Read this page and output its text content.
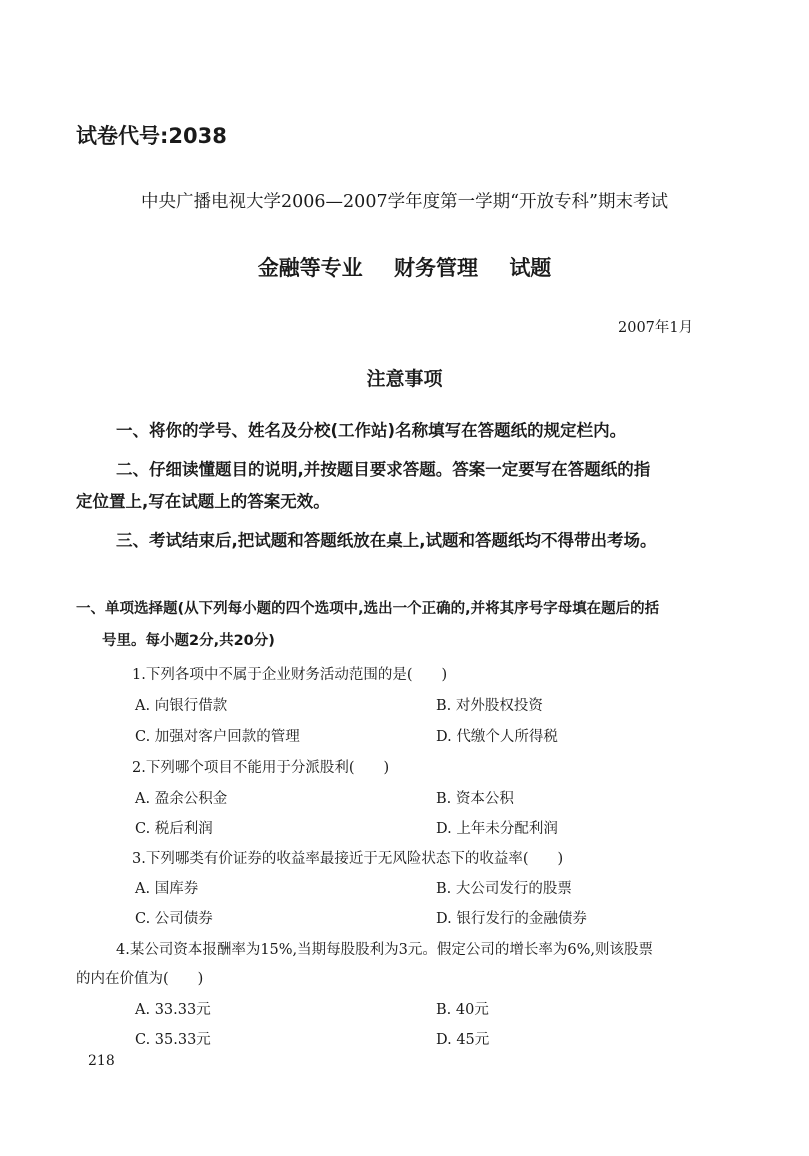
试卷代号:2038
中央广播电视大学2006—2007学年度第一学期“开放专科”期末考试
金融等专业 财务管理 试题
2007年1月
注意事项
一、将你的学号、姓名及分校(工作站)名称填写在答题纸的规定栏内。
二、仔细读懂题目的说明,并按题目要求答题。答案一定要写在答题纸的指
定位置上,写在试题上的答案无效。
三、考试结束后,把试题和答题纸放在桌上,试题和答题纸均不得带出考场。
一、单项选择题(从下列每小题的四个选项中,选出一个正确的,并将其序号字母填在题后的括
号里。每小题2分,共20分)
1.下列各项中不属于企业财务活动范围的是(　　)
A. 向银行借款	B. 对外股权投资
C. 加强对客户回款的管理	D. 代缴个人所得税
2.下列哪个项目不能用于分派股利(　　)
A. 盈余公积金	B. 资本公积
C. 税后利润	D. 上年未分配利润
3.下列哪类有价证券的收益率最接近于无风险状态下的收益率(　　)
A. 国库券	B. 大公司发行的股票
C. 公司债券	D. 银行发行的金融债券
4.某公司资本报酬率为15%,当期每股股利为3元。假定公司的增长率为6%,则该股票
的内在价值为(　　)
A. 33.33元	B. 40元
C. 35.33元	D. 45元
218
